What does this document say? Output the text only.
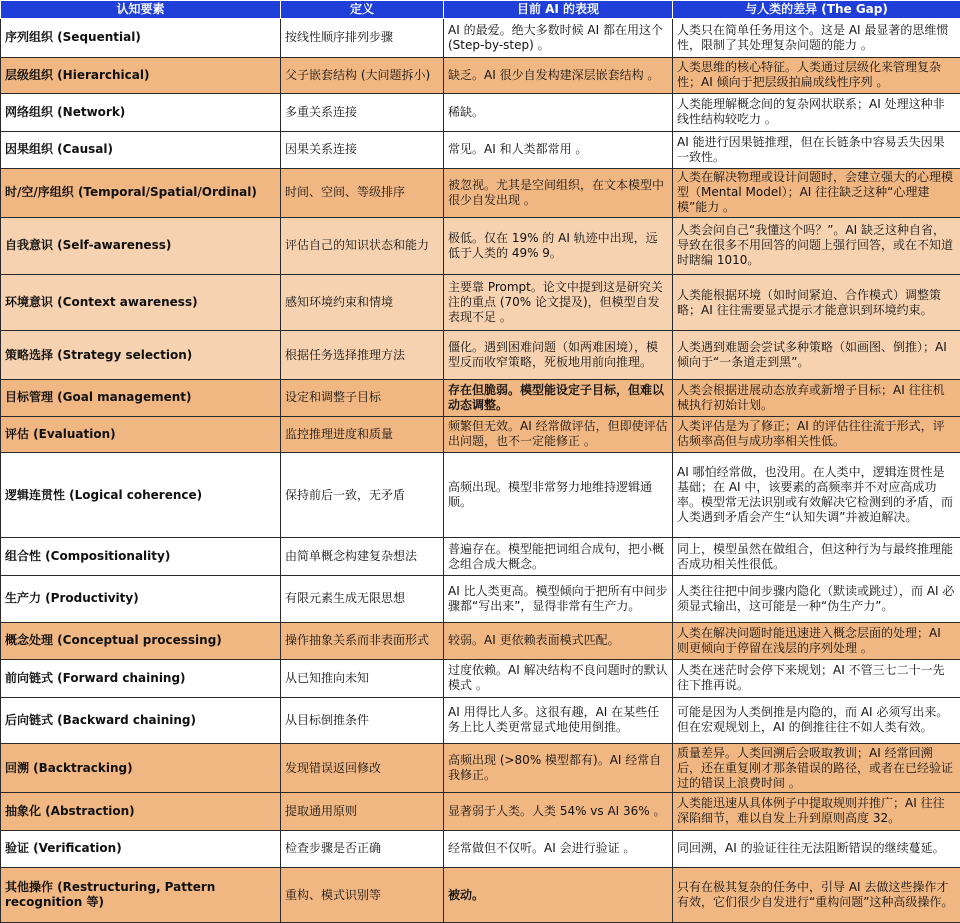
认知要素	定义	目前 AI 的表现	与人类的差异 (The Gap)
序列组织 (Sequential)	按线性顺序排列步骤	AI 的最爱。绝大多数时候 AI 都在用这个 (Step-by-step) 。	人类只在简单任务用这个。这是 AI 最显著的思维惯性，限制了其处理复杂问题的能力 。
层级组织 (Hierarchical)	父子嵌套结构 (大问题拆小)	缺乏。AI 很少自发构建深层嵌套结构 。	人类思维的核心特征。人类通过层级化来管理复杂性；AI 倾向于把层级拍扁成线性序列 。
网络组织 (Network)	多重关系连接	稀缺。	人类能理解概念间的复杂网状联系；AI 处理这种非线性结构较吃力 。
因果组织 (Causal)	因果关系连接	常见。AI 和人类都常用 。	AI 能进行因果链推理，但在长链条中容易丢失因果一致性。
时/空/序组织 (Temporal/Spatial/Ordinal)	时间、空间、等级排序	被忽视。尤其是空间组织，在文本模型中很少自发出现 。	人类在解决物理或设计问题时，会建立强大的心理模型（Mental Model）；AI 往往缺乏这种“心理建模”能力 。
自我意识 (Self-awareness)	评估自己的知识状态和能力	极低。仅在 19% 的 AI 轨迹中出现，远低于人类的 49% 9。	人类会问自己“我懂这个吗？”。AI 缺乏这种自省，导致在很多不用回答的问题上强行回答，或在不知道时瞎编 1010。
环境意识 (Context awareness)	感知环境约束和情境	主要靠 Prompt。论文中提到这是研究关注的重点 (70% 论文提及)，但模型自发表现不足 。	人类能根据环境（如时间紧迫、合作模式）调整策略；AI 往往需要显式提示才能意识到环境约束。
策略选择 (Strategy selection)	根据任务选择推理方法	僵化。遇到困难问题（如两难困境），模型反而收窄策略，死板地用前向推理。	人类遇到难题会尝试多种策略（如画图、倒推）；AI 倾向于“一条道走到黑”。
目标管理 (Goal management)	设定和调整子目标	存在但脆弱。模型能设定子目标，但难以动态调整。	人类会根据进展动态放弃或新增子目标；AI 往往机械执行初始计划。
评估 (Evaluation)	监控推理进度和质量	频繁但无效。AI 经常做评估，但即使评估出问题，也不一定能修正 。	人类评估是为了修正；AI 的评估往往流于形式，评估频率高但与成功率相关性低。
逻辑连贯性 (Logical coherence)	保持前后一致，无矛盾	高频出现。模型非常努力地维持逻辑通顺。	AI 哪怕经常做，也没用。在人类中，逻辑连贯性是基础；在 AI 中，该要素的高频率并不对应高成功率。模型常无法识别或有效解决它检测到的矛盾，而人类遇到矛盾会产生“认知失调”并被迫解决。
组合性 (Compositionality)	由简单概念构建复杂想法	普遍存在。模型能把词组合成句，把小概念组合成大概念。	同上，模型虽然在做组合，但这种行为与最终推理能否成功相关性很低。
生产力 (Productivity)	有限元素生成无限思想	AI 比人类更高。模型倾向于把所有中间步骤都“写出来”，显得非常有生产力。	人类往往把中间步骤内隐化（默读或跳过），而 AI 必须显式输出，这可能是一种“伪生产力”。
概念处理 (Conceptual processing)	操作抽象关系而非表面形式	较弱。AI 更依赖表面模式匹配。	人类在解决问题时能迅速进入概念层面的处理；AI 则更倾向于停留在浅层的序列处理 。
前向链式 (Forward chaining)	从已知推向未知	过度依赖。AI 解决结构不良问题时的默认模式 。	人类在迷茫时会停下来规划；AI 不管三七二十一先往下推再说。
后向链式 (Backward chaining)	从目标倒推条件	AI 用得比人多。这很有趣，AI 在某些任务上比人类更常显式地使用倒推。	可能是因为人类倒推是内隐的，而 AI 必须写出来。但在宏观规划上，AI 的倒推往往不如人类有效。
回溯 (Backtracking)	发现错误返回修改	高频出现 (>80% 模型都有)。AI 经常自我修正。	质量差异。人类回溯后会吸取教训；AI 经常回溯后，还在重复刚才那条错误的路径，或者在已经验证过的错误上浪费时间 。
抽象化 (Abstraction)	提取通用原则	显著弱于人类。人类 54% vs AI 36% 。	人类能迅速从具体例子中提取规则并推广；AI 往往深陷细节，难以自发上升到原则高度 32。
验证 (Verification)	检查步骤是否正确	经常做但不仅听。AI 会进行验证 。	同回溯，AI 的验证往往无法阻断错误的继续蔓延。
其他操作 (Restructuring, Pattern recognition 等)	重构、模式识别等	被动。	只有在极其复杂的任务中，引导 AI 去做这些操作才有效，它们很少自发进行“重构问题”这种高级操作。
